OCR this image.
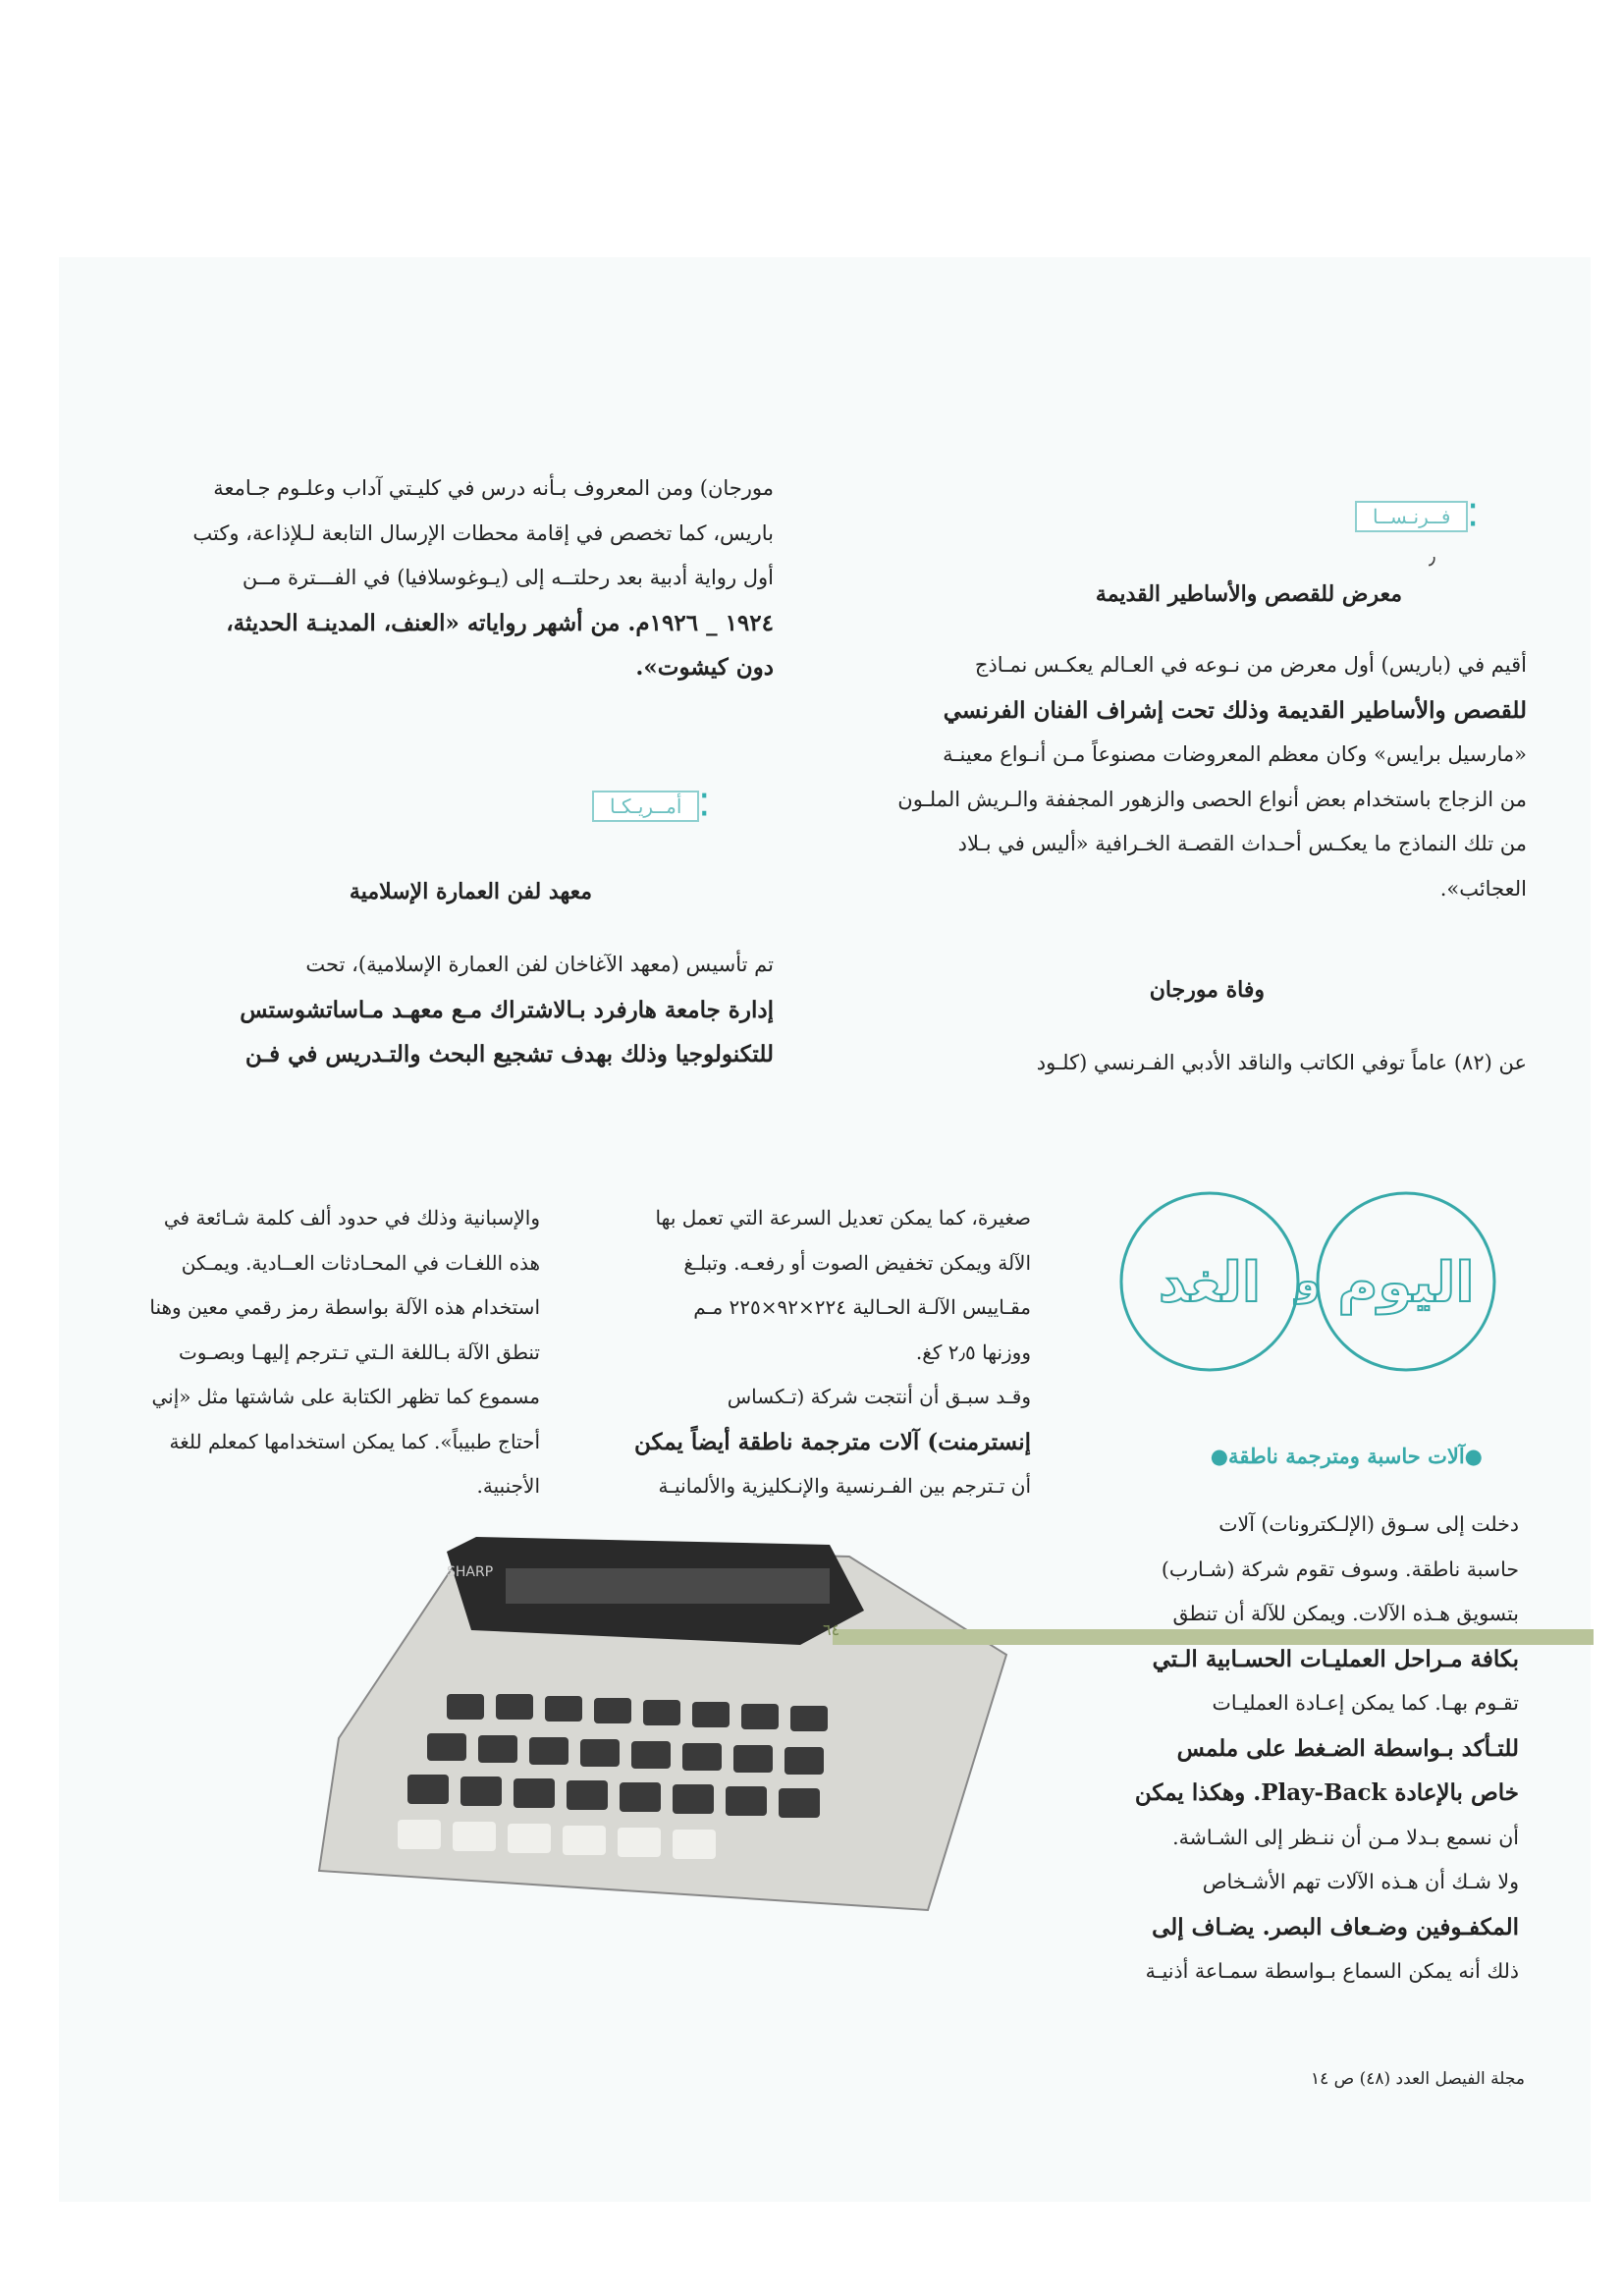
⁚
فــرنـســا
٫
معرض للقصص والأساطير القديمة

أقيم في (باريس) أول معرض من نـوعه في العـالم يعكـس نمـاذج

للقصص والأساطير القديمة وذلك تحت إشراف الفنان الفرنسي

«مارسيل برايس» وكان معظم المعروضات مصنوعاً مـن أنـواع معينـة

من الزجاج باستخدام بعض أنواع الحصى والزهور المجففة والـريش الملـون

من تلك النماذج ما يعكـس أحـداث القصـة الخـرافية «أليس في بـلاد

العجائب».

وفاة مورجان

عن (٨٢) عاماً توفي الكاتب والناقد الأدبي الفـرنسي (كلـود

مورجان) ومن المعروف بـأنه درس في كليـتي آداب وعلـوم جـامعة

باريس، كما تخصص في إقامة محطات الإرسال التابعة لـلإذاعة، وكتب

أول رواية أدبية بعد رحلتــه إلى (يـوغوسلافيا) في الفـــترة مــن

١٩٢٤ _ ١٩٢٦م. من أشهر رواياته «العنف، المدينـة الحديثة،

دون كيشوت».

⁚
أمــريـكـا
معهد لفن العمارة الإسلامية

تم تأسيس (معهد الآغاخان لفن العمارة الإسلامية)، تحت

إدارة جامعة هارفرد بـالاشتراك مـع معهـد مـاساتشوستس

للتكنولوجيا وذلك بهدف تشجيع البحث والتـدريس في فـن

اليوم
و
الغد
●آلات حاسبة ومترجمة ناطقة●

دخلت إلى سـوق (الإلـكترونات) آلات

حاسبة ناطقة. وسوف تقوم شركة (شـارب)

بتسويق هـذه الآلات. ويمكن للآلة أن تنطق

بكافة مـراحل العمليـات الحسـابية الـتي

تقـوم بهـا. كما يمكن إعـادة العمليـات

للتـأكد بـواسطة الضـغط على ملمس

خاص بالإعادة Play-Back. وهكذا يمكن

أن نسمع بـدلا مـن أن ننـظر إلى الشـاشة.

ولا شـك أن هـذه الآلات تهم الأشـخاص

المكفـوفين وضـعاف البصر. يضـاف إلى

ذلك أنه يمكن السماع بـواسطة سمـاعة أذنيـة

صغيرة، كما يمكن تعديل السرعة التي تعمل بها

الآلة ويمكن تخفيض الصوت أو رفعـه. وتبلـغ

مقـاييس الآلـة الحـالية ٢٢٤×٩٢×٢٢٥ مـم

ووزنها ٢٫٥ كغ.

وقـد سبـق أن أنتجت شركة (تـكساس

إنسترمنت) آلات مترجمة ناطقة أيضاً يمكن

أن تـترجم بين الفـرنسية والإنـكليزية والألمانيـة

والإسبانية وذلك في حدود ألف كلمة شـائعة في

هذه اللغـات في المحـادثات العــادية. ويمـكن

استخدام هذه الآلة بواسطة رمز رقمي معين وهنا

تنطق الآلة بـاللغة الـتي تـترجم إليهـا وبصـوت

مسموع كما تظهر الكتابة على شاشتها مثل «إني

أحتاج طبيباً». كما يمكن استخدامها كمعلم للغة

الأجنبية.

SHARP
٦٤
مجلة الفيصل العدد (٤٨) ص ١٤
